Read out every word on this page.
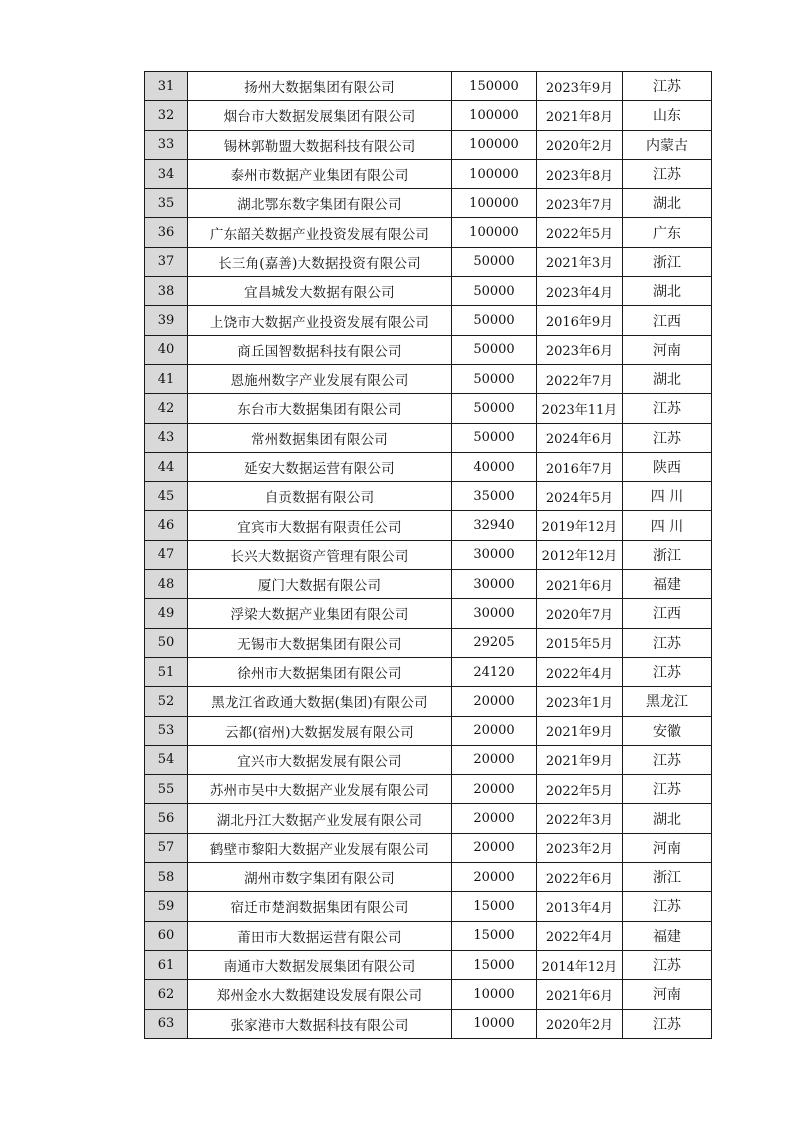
31	扬州大数据集团有限公司	150000	2023年9月	江苏
32	烟台市大数据发展集团有限公司	100000	2021年8月	山东
33	锡林郭勒盟大数据科技有限公司	100000	2020年2月	内蒙古
34	泰州市数据产业集团有限公司	100000	2023年8月	江苏
35	湖北鄂东数字集团有限公司	100000	2023年7月	湖北
36	广东韶关数据产业投资发展有限公司	100000	2022年5月	广东
37	长三角(嘉善)大数据投资有限公司	50000	2021年3月	浙江
38	宜昌城发大数据有限公司	50000	2023年4月	湖北
39	上饶市大数据产业投资发展有限公司	50000	2016年9月	江西
40	商丘国智数据科技有限公司	50000	2023年6月	河南
41	恩施州数字产业发展有限公司	50000	2022年7月	湖北
42	东台市大数据集团有限公司	50000	2023年11月	江苏
43	常州数据集团有限公司	50000	2024年6月	江苏
44	延安大数据运营有限公司	40000	2016年7月	陕西
45	自贡数据有限公司	35000	2024年5月	四 川
46	宜宾市大数据有限责任公司	32940	2019年12月	四 川
47	长兴大数据资产管理有限公司	30000	2012年12月	浙江
48	厦门大数据有限公司	30000	2021年6月	福建
49	浮梁大数据产业集团有限公司	30000	2020年7月	江西
50	无锡市大数据集团有限公司	29205	2015年5月	江苏
51	徐州市大数据集团有限公司	24120	2022年4月	江苏
52	黑龙江省政通大数据(集团)有限公司	20000	2023年1月	黑龙江
53	云都(宿州)大数据发展有限公司	20000	2021年9月	安徽
54	宜兴市大数据发展有限公司	20000	2021年9月	江苏
55	苏州市吴中大数据产业发展有限公司	20000	2022年5月	江苏
56	湖北丹江大数据产业发展有限公司	20000	2022年3月	湖北
57	鹤壁市黎阳大数据产业发展有限公司	20000	2023年2月	河南
58	湖州市数字集团有限公司	20000	2022年6月	浙江
59	宿迁市楚润数据集团有限公司	15000	2013年4月	江苏
60	莆田市大数据运营有限公司	15000	2022年4月	福建
61	南通市大数据发展集团有限公司	15000	2014年12月	江苏
62	郑州金水大数据建设发展有限公司	10000	2021年6月	河南
63	张家港市大数据科技有限公司	10000	2020年2月	江苏
